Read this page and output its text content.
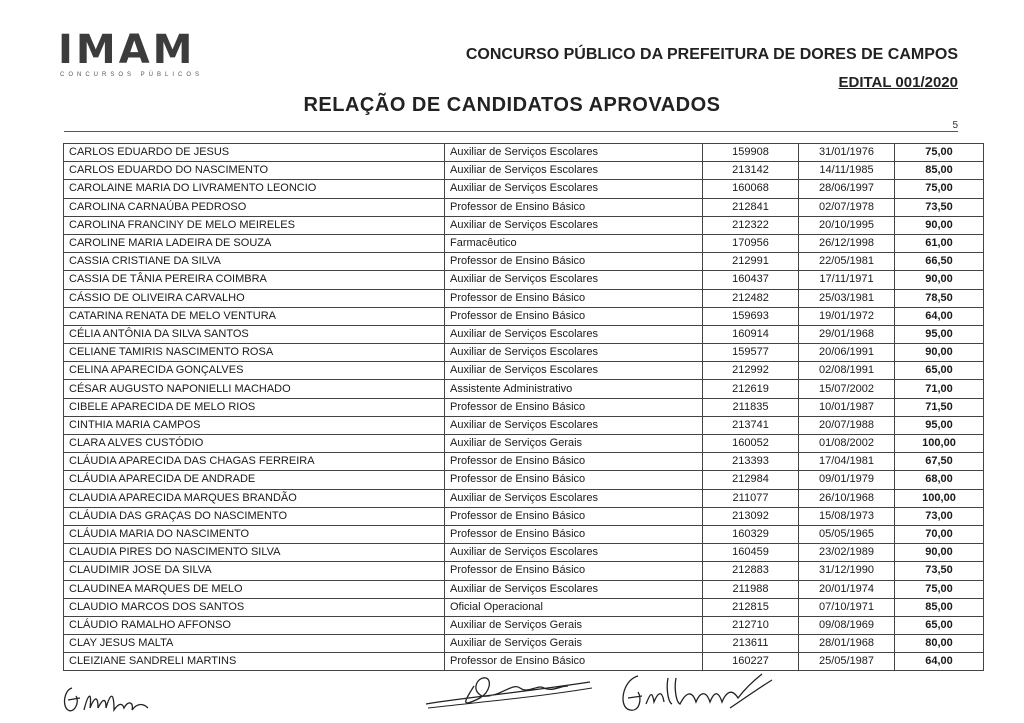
IMAM
CONCURSOS PÚBLICOS
CONCURSO PÚBLICO DA PREFEITURA DE DORES DE CAMPOS
EDITAL 001/2020
RELAÇÃO DE CANDIDATOS APROVADOS
5
CARLOS EDUARDO DE JESUS	Auxiliar de Serviços Escolares	159908	31/01/1976	75,00
CARLOS EDUARDO DO NASCIMENTO	Auxiliar de Serviços Escolares	213142	14/11/1985	85,00
CAROLAINE MARIA DO LIVRAMENTO LEONCIO	Auxiliar de Serviços Escolares	160068	28/06/1997	75,00
CAROLINA CARNAÚBA PEDROSO	Professor de Ensino Básico	212841	02/07/1978	73,50
CAROLINA FRANCINY DE MELO MEIRELES	Auxiliar de Serviços Escolares	212322	20/10/1995	90,00
CAROLINE MARIA LADEIRA DE SOUZA	Farmacêutico	170956	26/12/1998	61,00
CASSIA CRISTIANE DA SILVA	Professor de Ensino Básico	212991	22/05/1981	66,50
CASSIA DE TÂNIA PEREIRA COIMBRA	Auxiliar de Serviços Escolares	160437	17/11/1971	90,00
CÁSSIO DE OLIVEIRA CARVALHO	Professor de Ensino Básico	212482	25/03/1981	78,50
CATARINA RENATA DE MELO VENTURA	Professor de Ensino Básico	159693	19/01/1972	64,00
CÉLIA ANTÔNIA DA SILVA SANTOS	Auxiliar de Serviços Escolares	160914	29/01/1968	95,00
CELIANE TAMIRIS NASCIMENTO ROSA	Auxiliar de Serviços Escolares	159577	20/06/1991	90,00
CELINA APARECIDA GONÇALVES	Auxiliar de Serviços Escolares	212992	02/08/1991	65,00
CÉSAR AUGUSTO NAPONIELLI MACHADO	Assistente Administrativo	212619	15/07/2002	71,00
CIBELE APARECIDA DE MELO RIOS	Professor de Ensino Básico	211835	10/01/1987	71,50
CINTHIA MARIA CAMPOS	Auxiliar de Serviços Escolares	213741	20/07/1988	95,00
CLARA ALVES CUSTÓDIO	Auxiliar de Serviços Gerais	160052	01/08/2002	100,00
CLÁUDIA APARECIDA DAS CHAGAS FERREIRA	Professor de Ensino Básico	213393	17/04/1981	67,50
CLÁUDIA APARECIDA DE ANDRADE	Professor de Ensino Básico	212984	09/01/1979	68,00
CLAUDIA APARECIDA MARQUES BRANDÃO	Auxiliar de Serviços Escolares	211077	26/10/1968	100,00
CLÁUDIA DAS GRAÇAS DO NASCIMENTO	Professor de Ensino Básico	213092	15/08/1973	73,00
CLÁUDIA MARIA DO NASCIMENTO	Professor de Ensino Básico	160329	05/05/1965	70,00
CLAUDIA PIRES DO NASCIMENTO SILVA	Auxiliar de Serviços Escolares	160459	23/02/1989	90,00
CLAUDIMIR JOSE DA SILVA	Professor de Ensino Básico	212883	31/12/1990	73,50
CLAUDINEA MARQUES DE MELO	Auxiliar de Serviços Escolares	211988	20/01/1974	75,00
CLAUDIO MARCOS DOS SANTOS	Oficial Operacional	212815	07/10/1971	85,00
CLÁUDIO RAMALHO AFFONSO	Auxiliar de Serviços Gerais	212710	09/08/1969	65,00
CLAY JESUS MALTA	Auxiliar de Serviços Gerais	213611	28/01/1968	80,00
CLEIZIANE SANDRELI MARTINS	Professor de Ensino Básico	160227	25/05/1987	64,00
